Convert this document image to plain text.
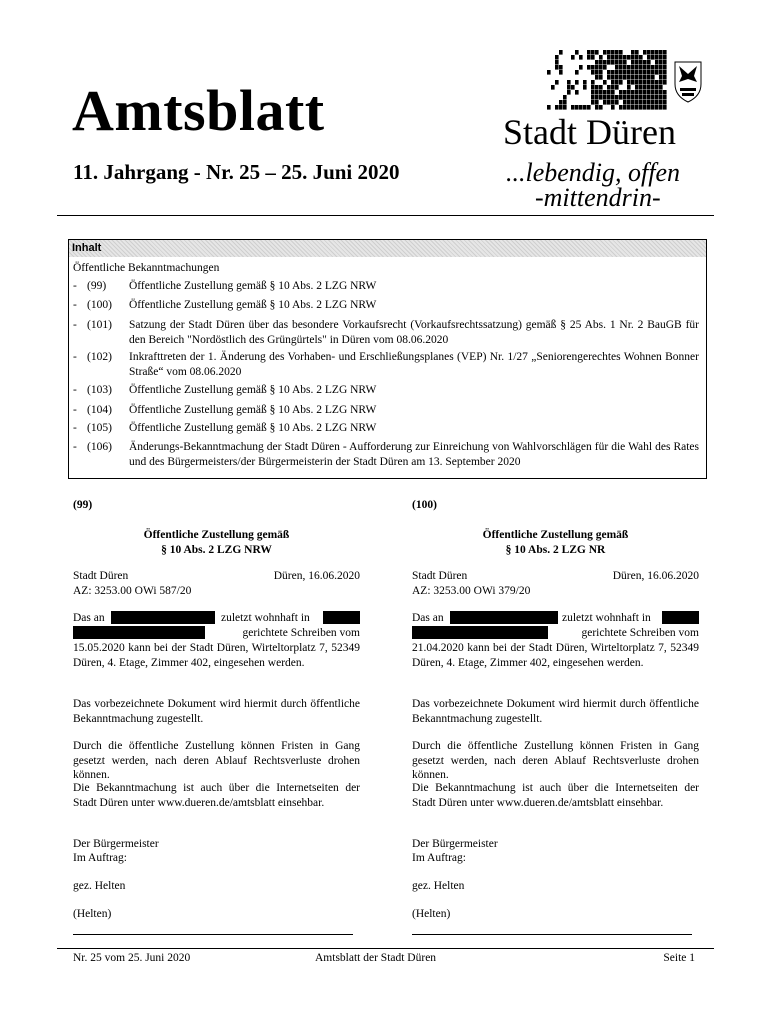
Amtsblatt
11. Jahrgang - Nr. 25 – 25. Juni 2020
Stadt Düren
...lebendig, offen
-mittendrin-
Inhalt
Öffentliche Bekanntmachungen
- (99) Öffentliche Zustellung gemäß § 10 Abs. 2 LZG NRW
- (100) Öffentliche Zustellung gemäß § 10 Abs. 2 LZG NRW
- (101) Satzung der Stadt Düren über das besondere Vorkaufsrecht (Vorkaufsrechtssatzung) gemäß § 25 Abs. 1 Nr. 2 BauGB für den Bereich "Nordöstlich des Grüngürtels" in Düren vom 08.06.2020
- (102) Inkrafttreten der 1. Änderung des Vorhaben- und Erschließungsplanes (VEP) Nr. 1/27 „Seniorengerechtes Wohnen Bonner Straße“ vom 08.06.2020
- (103) Öffentliche Zustellung gemäß § 10 Abs. 2 LZG NRW
- (104) Öffentliche Zustellung gemäß § 10 Abs. 2 LZG NRW
- (105) Öffentliche Zustellung gemäß § 10 Abs. 2 LZG NRW
- (106) Änderungs-Bekanntmachung der Stadt Düren - Aufforderung zur Einreichung von Wahlvorschlägen für die Wahl des Rates und des Bürgermeisters/der Bürgermeisterin der Stadt Düren am 13. September 2020
(99)
Öffentliche Zustellung gemäß
§ 10 Abs. 2 LZG NRW
Stadt Düren	Düren, 16.06.2020
AZ: 3253.00 OWi 587/20
Das an	zuletzt wohnhaft in
gerichtete Schreiben vom
15.05.2020 kann bei der Stadt Düren, Wirteltorplatz 7, 52349 Düren, 4. Etage, Zimmer 402, eingesehen werden.
Das vorbezeichnete Dokument wird hiermit durch öffentliche Bekanntmachung zugestellt.
Durch die öffentliche Zustellung können Fristen in Gang gesetzt werden, nach deren Ablauf Rechtsverluste drohen können.
Die Bekanntmachung ist auch über die Internetseiten der Stadt Düren unter www.dueren.de/amtsblatt einsehbar.
Der Bürgermeister
Im Auftrag:
gez. Helten
(Helten)
(100)
Öffentliche Zustellung gemäß
§ 10 Abs. 2 LZG NR
Stadt Düren	Düren, 16.06.2020
AZ: 3253.00 OWi 379/20
Das an	zuletzt wohnhaft in
gerichtete Schreiben vom
21.04.2020 kann bei der Stadt Düren, Wirteltorplatz 7, 52349 Düren, 4. Etage, Zimmer 402, eingesehen werden.
Das vorbezeichnete Dokument wird hiermit durch öffentliche Bekanntmachung zugestellt.
Durch die öffentliche Zustellung können Fristen in Gang gesetzt werden, nach deren Ablauf Rechtsverluste drohen können.
Die Bekanntmachung ist auch über die Internetseiten der Stadt Düren unter www.dueren.de/amtsblatt einsehbar.
Der Bürgermeister
Im Auftrag:
gez. Helten
(Helten)
Nr. 25 vom 25. Juni 2020	Amtsblatt der Stadt Düren	Seite 1
